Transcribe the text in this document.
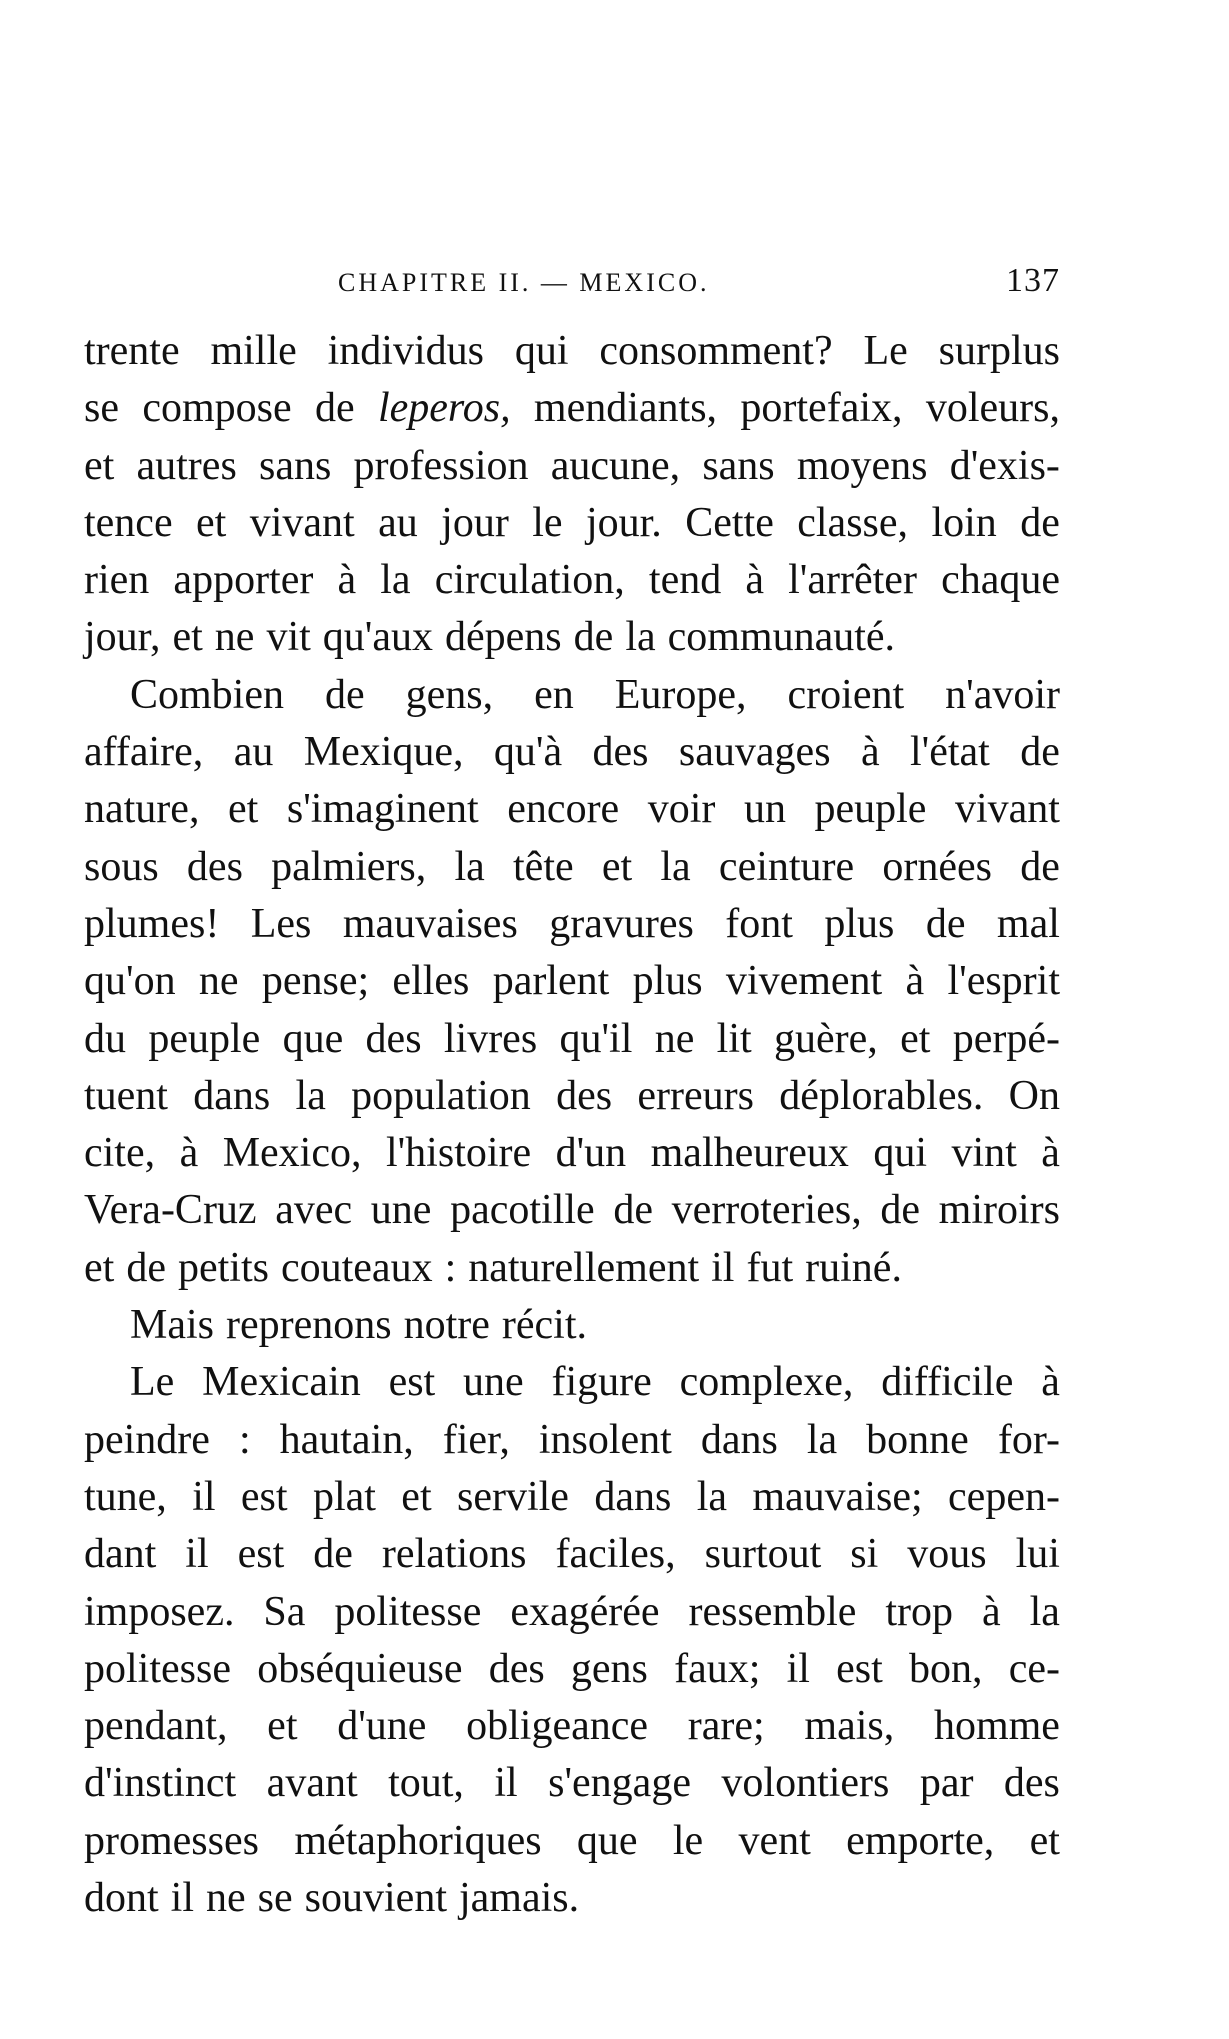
CHAPITRE II. — MEXICO.	137
trente mille individus qui consomment? Le surplus
se compose de leperos, mendiants, portefaix, voleurs,
et autres sans profession aucune, sans moyens d'exis-
tence et vivant au jour le jour. Cette classe, loin de
rien apporter à la circulation, tend à l'arrêter chaque
jour, et ne vit qu'aux dépens de la communauté.
Combien de gens, en Europe, croient n'avoir
affaire, au Mexique, qu'à des sauvages à l'état de
nature, et s'imaginent encore voir un peuple vivant
sous des palmiers, la tête et la ceinture ornées de
plumes! Les mauvaises gravures font plus de mal
qu'on ne pense; elles parlent plus vivement à l'esprit
du peuple que des livres qu'il ne lit guère, et perpé-
tuent dans la population des erreurs déplorables. On
cite, à Mexico, l'histoire d'un malheureux qui vint à
Vera-Cruz avec une pacotille de verroteries, de miroirs
et de petits couteaux : naturellement il fut ruiné.
Mais reprenons notre récit.
Le Mexicain est une figure complexe, difficile à
peindre : hautain, fier, insolent dans la bonne for-
tune, il est plat et servile dans la mauvaise; cepen-
dant il est de relations faciles, surtout si vous lui
imposez. Sa politesse exagérée ressemble trop à la
politesse obséquieuse des gens faux; il est bon, ce-
pendant, et d'une obligeance rare; mais, homme
d'instinct avant tout, il s'engage volontiers par des
promesses métaphoriques que le vent emporte, et
dont il ne se souvient jamais.
